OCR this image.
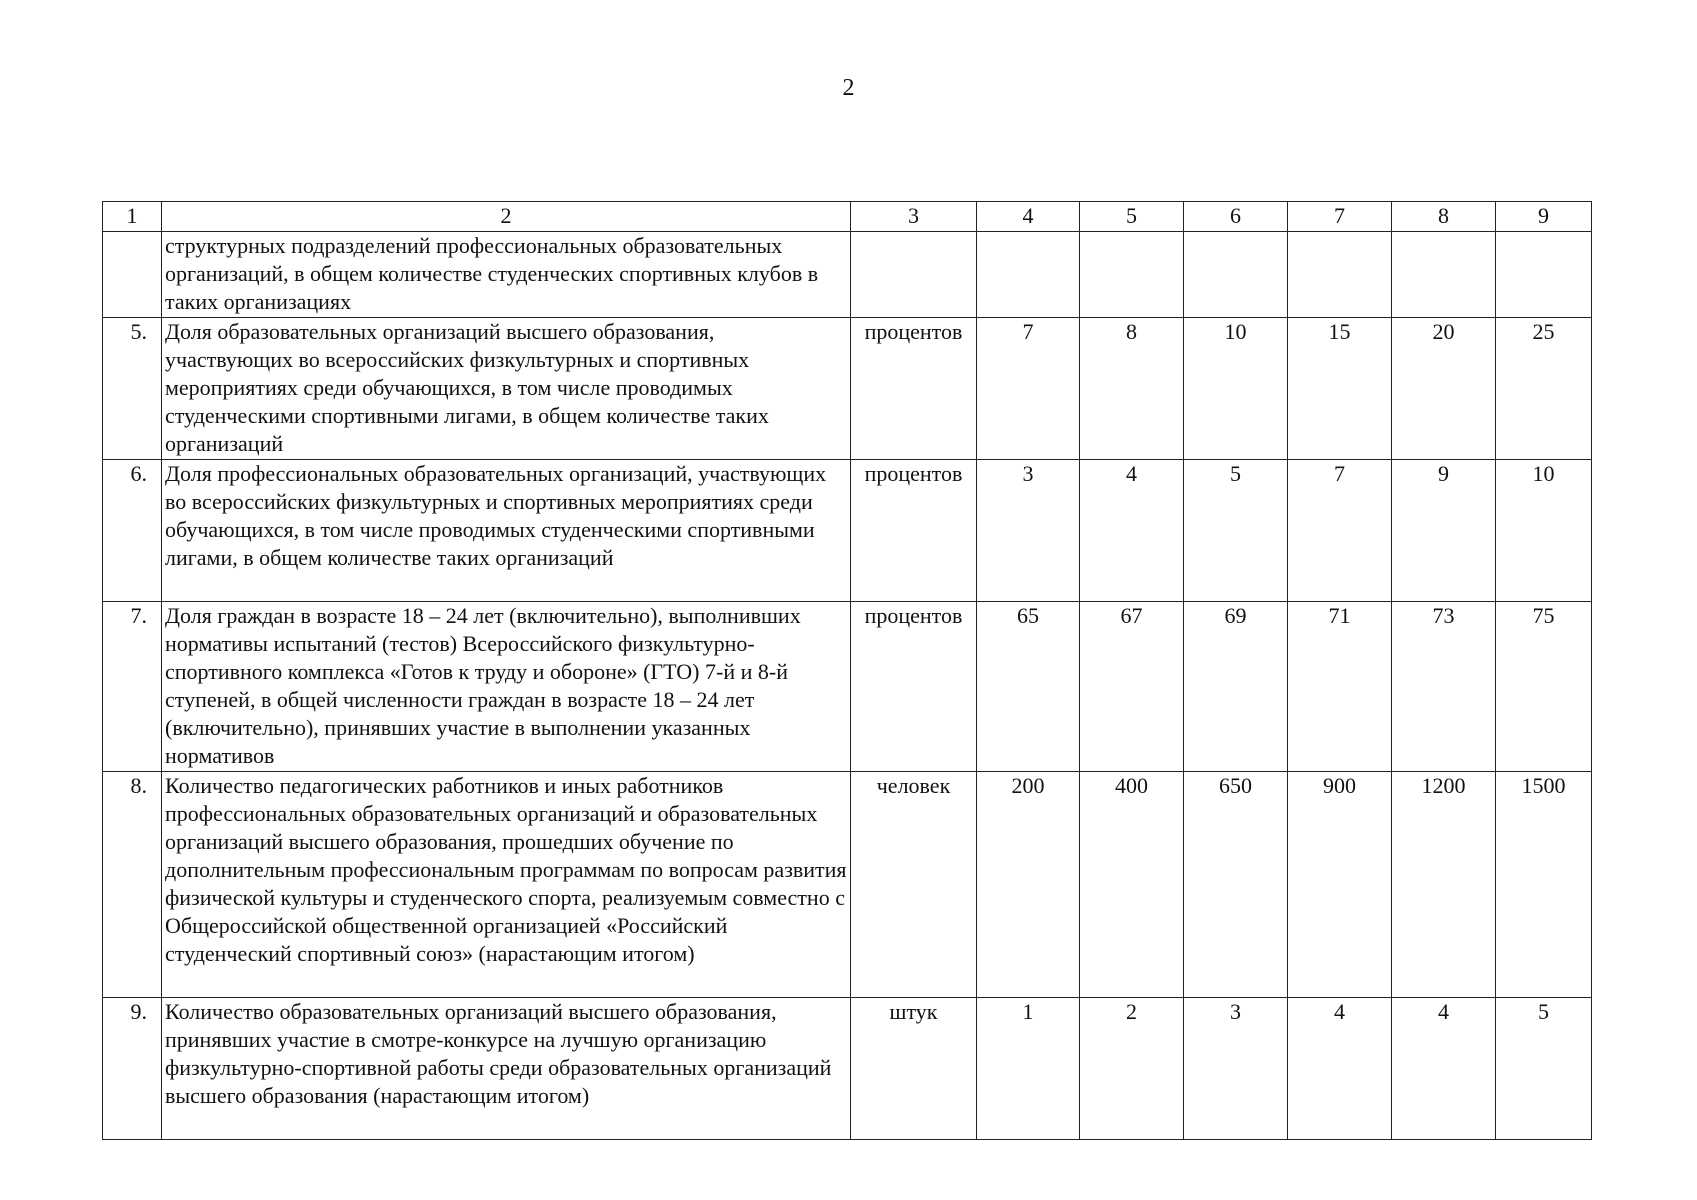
2
1	2	3	4	5	6	7	8	9
	структурных подразделений профессиональных образовательных организаций, в общем количестве студенческих спортивных клубов в таких организациях							
5.	Доля образовательных организаций высшего образования, участвующих во всероссийских физкультурных и спортивных мероприятиях среди обучающихся, в том числе проводимых студенческими спортивными лигами, в общем количестве таких организаций	процентов	7	8	10	15	20	25
6.	Доля профессиональных образовательных организаций, участвующих во всероссийских физкультурных и спортивных мероприятиях среди обучающихся, в том числе проводимых студенческими спортивными лигами, в общем количестве таких организаций	процентов	3	4	5	7	9	10
7.	Доля граждан в возрасте 18 – 24 лет (включительно), выполнивших нормативы испытаний (тестов) Всероссийского физкультурно-спортивного комплекса «Готов к труду и обороне» (ГТО) 7-й и 8-й ступеней, в общей численности граждан в возрасте 18 – 24 лет (включительно), принявших участие в выполнении указанных нормативов	процентов	65	67	69	71	73	75
8.	Количество педагогических работников и иных работников профессиональных образовательных организаций и образовательных организаций высшего образования, прошедших обучение по дополнительным профессиональным программам по вопросам развития физической культуры и студенческого спорта, реализуемым совместно с Общероссийской общественной организацией «Российский студенческий спортивный союз» (нарастающим итогом)	человек	200	400	650	900	1200	1500
9.	Количество образовательных организаций высшего образования, принявших участие в смотре-конкурсе на лучшую организацию физкультурно-спортивной работы среди образовательных организаций высшего образования (нарастающим итогом)	штук	1	2	3	4	4	5
